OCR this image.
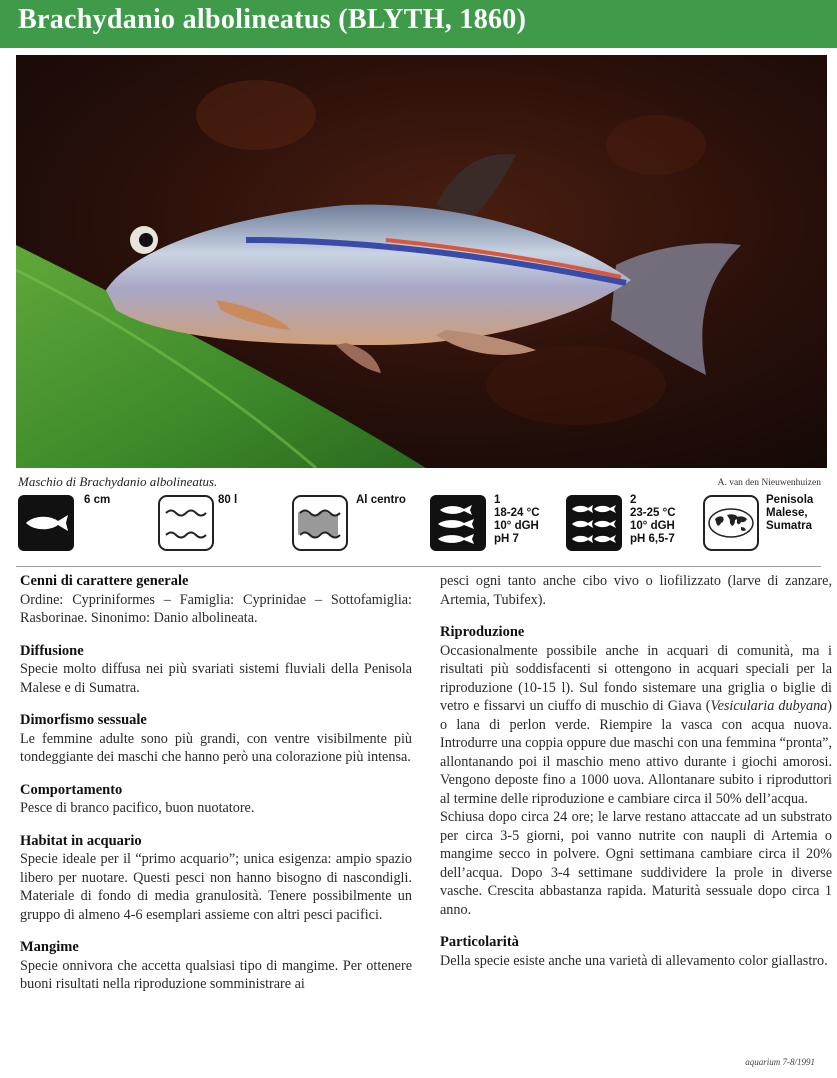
Brachydanio albolineatus (BLYTH, 1860)
Maschio di Brachydanio albolineatus.	A. van den Nieuwenhuizen
6 cm	80 l	Al centro	1
18-24 °C
10° dGH
pH 7
2
23-25 °C
10° dGH
pH 6,5-7
Penisola
Malese,
Sumatra
Cenni di carattere generale

Ordine: Cypriniformes – Famiglia: Cyprinidae – Sottofamiglia: Rasborinae. Sinonimo: Danio albolineata.

Diffusione

Specie molto diffusa nei più svariati sistemi fluviali della Penisola Malese e di Sumatra.

Dimorfismo sessuale

Le femmine adulte sono più grandi, con ventre visibilmente più tondeggiante dei maschi che hanno però una colorazione più intensa.

Comportamento

Pesce di branco pacifico, buon nuotatore.

Habitat in acquario

Specie ideale per il “primo acquario”; unica esigenza: ampio spazio libero per nuotare. Questi pesci non hanno bisogno di nascondigli. Materiale di fondo di media granulosità. Tenere possibilmente un gruppo di almeno 4-6 esemplari assieme con altri pesci pacifici.

Mangime

Specie onnivora che accetta qualsiasi tipo di mangime. Per ottenere buoni risultati nella riproduzione somministrare ai

pesci ogni tanto anche cibo vivo o liofilizzato (larve di zanzare, Artemia, Tubifex).

Riproduzione

Occasionalmente possibile anche in acquari di comunità, ma i risultati più soddisfacenti si ottengono in acquari speciali per la riproduzione (10-15 l). Sul fondo sistemare una griglia o biglie di vetro e fissarvi un ciuffo di muschio di Giava (Vesicularia dubyana) o lana di perlon verde. Riempire la vasca con acqua nuova. Introdurre una coppia oppure due maschi con una femmina “pronta”, allontanando poi il maschio meno attivo durante i giochi amorosi. Vengono deposte fino a 1000 uova. Allontanare subito i riproduttori al termine delle riproduzione e cambiare circa il 50% dell’acqua.

Schiusa dopo circa 24 ore; le larve restano attaccate ad un substrato per circa 3-5 giorni, poi vanno nutrite con naupli di Artemia o mangime secco in polvere. Ogni settimana cambiare circa il 20% dell’acqua. Dopo 3-4 settimane suddividere la prole in diverse vasche. Crescita abbastanza rapida. Maturità sessuale dopo circa 1 anno.

Particolarità

Della specie esiste anche una varietà di allevamento color giallastro.

aquarium 7-8/1991
